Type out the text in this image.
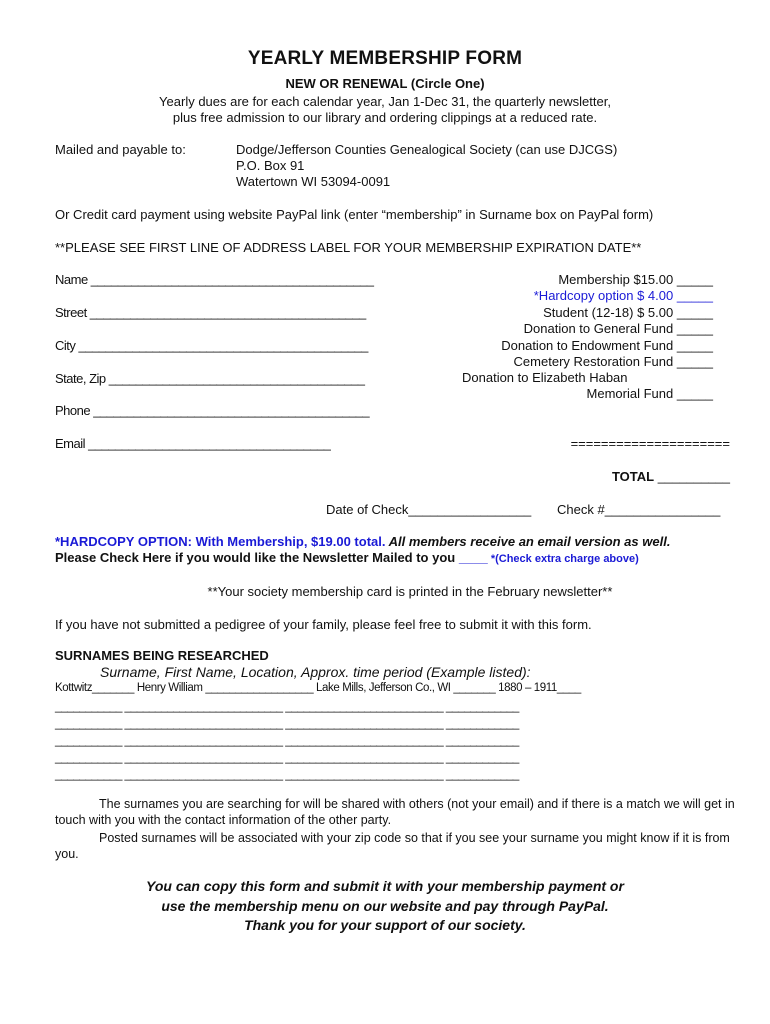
YEARLY MEMBERSHIP FORM
NEW OR RENEWAL (Circle One)
Yearly dues are for each calendar year, Jan 1-Dec 31, the quarterly newsletter,
plus free admission to our library and ordering clippings at a reduced rate.
Mailed and payable to:	Dodge/Jefferson Counties Genealogical Society (can use DJCGS)
P.O. Box 91
Watertown WI 53094-0091
Or Credit card payment using website PayPal link (enter “membership” in Surname box on PayPal form)
**PLEASE SEE FIRST LINE OF ADDRESS LABEL FOR YOUR MEMBERSHIP EXPIRATION DATE**
Name __________________________________________
Street _________________________________________
City ___________________________________________
State, Zip ______________________________________
Phone _________________________________________
Email ____________________________________
Membership $15.00 _____
*Hardcopy option $ 4.00 _____
Student (12-18) $ 5.00 _____
Donation to General Fund _____
Donation to Endowment Fund _____
Cemetery Restoration Fund _____
Donation to Elizabeth Haban
Memorial Fund _____
=====================
TOTAL __________
Date of Check_________________ Check #________________
*HARDCOPY OPTION: With Membership, $19.00 total. All members receive an email version as well.
Please Check Here if you would like the Newsletter Mailed to you ____ *(Check extra charge above)
**Your society membership card is printed in the February newsletter**
If you have not submitted a pedigree of your family, please feel free to submit it with this form.
SURNAMES BEING RESEARCHED
Surname, First Name, Location, Approx. time period (Example listed):
Kottwitz_______ Henry William __________________ Lake Mills, Jefferson Co., WI _______ 1880 – 1911____
___________ __________________________ __________________________ ____________
___________ __________________________ __________________________ ____________
___________ __________________________ __________________________ ____________
___________ __________________________ __________________________ ____________
___________ __________________________ __________________________ ____________
The surnames you are searching for will be shared with others (not your email) and if there is a match we will get in touch with you with the contact information of the other party.
Posted surnames will be associated with your zip code so that if you see your surname you might know if it is from you.
You can copy this form and submit it with your membership payment or
use the membership menu on our website and pay through PayPal.
Thank you for your support of our society.
